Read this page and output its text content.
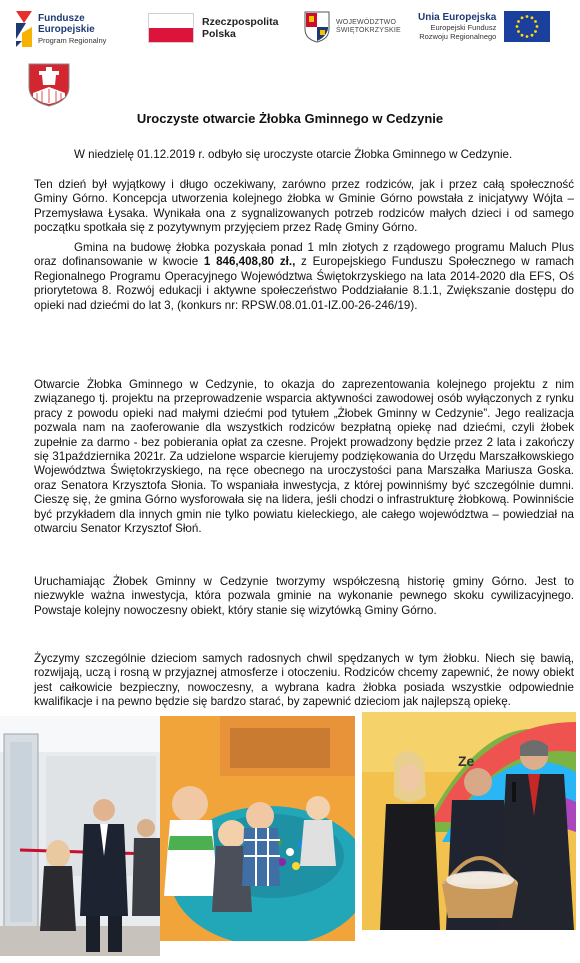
Fundusze
Europejskie
Program Regionalny
Rzeczpospolita
Polska
WOJEWÓDZTWO
ŚWIĘTOKRZYSKIE
Unia Europejska
Europejski Fundusz
Rozwoju Regionalnego
Uroczyste otwarcie Żłobka Gminnego w Cedzynie

W niedzielę 01.12.2019 r. odbyło się uroczyste otarcie Żłobka Gminnego w Cedzynie.

Ten dzień był wyjątkowy i długo oczekiwany, zarówno przez rodziców, jak i przez całą społeczność Gminy Górno. Koncepcja utworzenia kolejnego żłobka w Gminie Górno powstała z inicjatywy Wójta – Przemysława Łysaka. Wynikała ona z sygnalizowanych potrzeb rodziców małych dzieci i od samego początku spotkała się z pozytywnym przyjęciem przez Radę Gminy Górno.

Gmina na budowę żłobka pozyskała ponad 1 mln złotych z rządowego programu Maluch Plus oraz dofinansowanie w kwocie 1 846,408,80 zł., z Europejskiego Funduszu Społecznego w ramach Regionalnego Programu Operacyjnego Województwa Świętokrzyskiego na lata 2014-2020 dla EFS, Oś priorytetowa 8. Rozwój edukacji i aktywne społeczeństwo Poddziałanie 8.1.1, Zwiększanie dostępu do opieki nad dziećmi do lat 3, (konkurs nr: RPSW.08.01.01-IZ.00-26-246/19).

Otwarcie Żłobka Gminnego w Cedzynie, to okazja do zaprezentowania kolejnego projektu z nim związanego tj. projektu na przeprowadzenie wsparcia aktywności zawodowej osób wyłączonych z rynku pracy z powodu opieki nad małymi dziećmi pod tytułem „Żłobek Gminny w Cedzynie”. Jego realizacja pozwala nam na zaoferowanie dla wszystkich rodziców bezpłatną opiekę nad dziećmi, czyli żłobek zupełnie za darmo - bez pobierania opłat za czesne. Projekt prowadzony będzie przez 2 lata i zakończy się 31października 2021r. Za udzielone wsparcie kierujemy podziękowania do Urzędu Marszałkowskiego Województwa Świętokrzyskiego, na ręce obecnego na uroczystości pana Marszałka Mariusza Goska. oraz Senatora Krzysztofa Słonia. To wspaniała inwestycja, z której powinniśmy być szczególnie dumni. Cieszę się, że gmina Górno wysforowała się na lidera, jeśli chodzi o infrastrukturę żłobkową. Powinniście być przykładem dla innych gmin nie tylko powiatu kieleckiego, ale całego województwa – powiedział na otwarciu Senator Krzysztof Słoń.

Uruchamiając Żłobek Gminny w Cedzynie tworzymy współczesną historię gminy Górno. Jest to niezwykle ważna inwestycja, która pozwala gminie na wykonanie pewnego skoku cywilizacyjnego. Powstaje kolejny nowoczesny obiekt, który stanie się wizytówką Gminy Górno.

Życzymy szczególnie dzieciom samych radosnych chwil spędzanych w tym żłobku. Niech się bawią, rozwijają, uczą i rosną w przyjaznej atmosferze i otoczeniu. Rodziców chcemy zapewnić, że nowy obiekt jest całkowicie bezpieczny, nowoczesny, a wybrana kadra żłobka posiada wszystkie odpowiednie kwalifikacje i na pewno będzie się bardzo starać, by zapewnić dzieciom jak najlepszą opiekę.

Ze
